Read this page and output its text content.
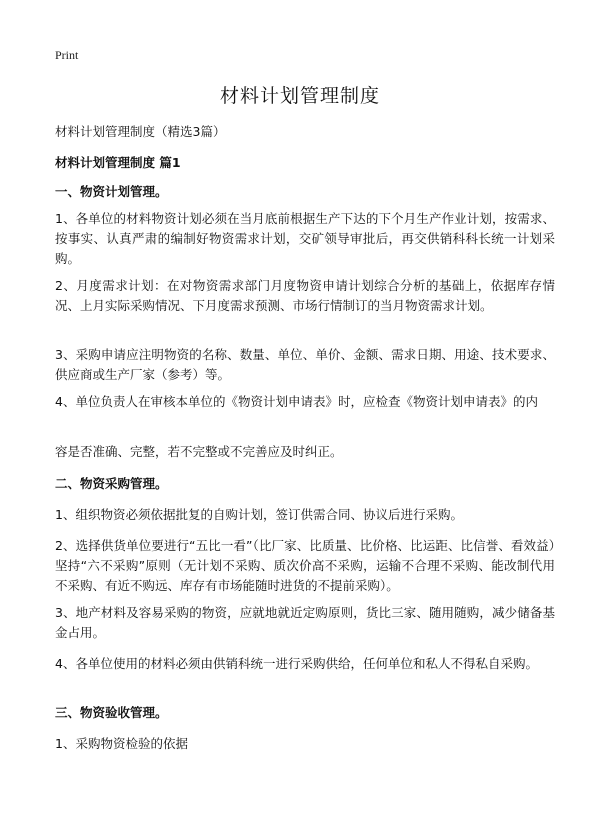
Print
材料计划管理制度
材料计划管理制度（精选3篇）
材料计划管理制度 篇1
一、物资计划管理。
1、各单位的材料物资计划必须在当月底前根据生产下达的下个月生产作业计划，按需求、按事实、认真严肃的编制好物资需求计划，交矿领导审批后，再交供销科科长统一计划采购。
2、月度需求计划：在对物资需求部门月度物资申请计划综合分析的基础上，依据库存情况、上月实际采购情况、下月度需求预测、市场行情制订的当月物资需求计划。
3、采购申请应注明物资的名称、数量、单位、单价、金额、需求日期、用途、技术要求、供应商或生产厂家（参考）等。
4、单位负责人在审核本单位的《物资计划申请表》时，应检查《物资计划申请表》的内
容是否准确、完整，若不完整或不完善应及时纠正。
二、物资采购管理。
1、组织物资必须依据批复的自购计划，签订供需合同、协议后进行采购。
2、选择供货单位要进行“五比一看”（比厂家、比质量、比价格、比运距、比信誉、看效益）坚持“六不采购”原则（无计划不采购、质次价高不采购，运输不合理不采购、能改制代用不采购、有近不购远、库存有市场能随时进货的不提前采购）。
3、地产材料及容易采购的物资，应就地就近定购原则，货比三家、随用随购，减少储备基金占用。
4、各单位使用的材料必须由供销科统一进行采购供给，任何单位和私人不得私自采购。
三、物资验收管理。
1、采购物资检验的依据
